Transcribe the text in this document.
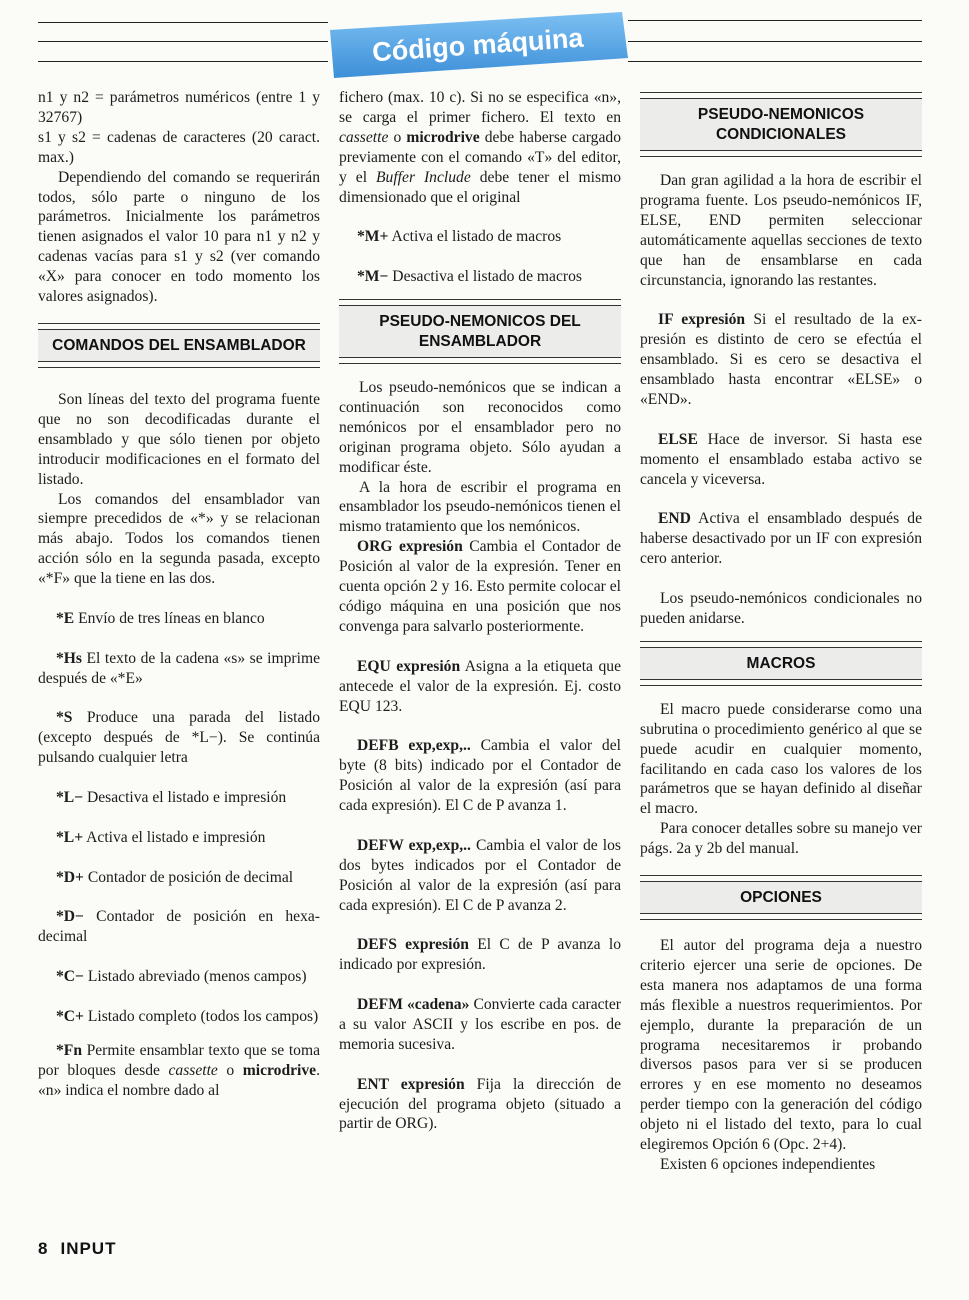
Código máquina

n1 y n2 = parámetros numéricos (entre 1 y 32767)

s1 y s2 = cadenas de caracteres (20 caract. max.)

Dependiendo del comando se requerirán todos, sólo parte o ninguno de los parámetros. Inicialmente los parámetros tienen asignados el valor 10 para n1 y n2 y cadenas vacías para s1 y s2 (ver comando «X» para conocer en todo momento los valores asignados).

COMANDOS DEL ENSAMBLADOR

Son líneas del texto del programa fuente que no son decodificadas durante el ensamblado y que sólo tienen por objeto introducir modificaciones en el formato del listado.

Los comandos del ensamblador van siempre precedidos de «*» y se relacionan más abajo. Todos los comandos tienen acción sólo en la segunda pasada, excepto «*F» que la tiene en las dos.

*E Envío de tres líneas en blanco

*Hs El texto de la cadena «s» se imprime después de «*E»

*S Produce una parada del listado (excepto después de *L−). Se continúa pulsando cualquier letra

*L− Desactiva el listado e impresión

*L+ Activa el listado e impresión

*D+ Contador de posición de decimal

*D− Contador de posición en hexadecimal

*C− Listado abreviado (menos campos)

*C+ Listado completo (todos los campos)

*Fn Permite ensamblar texto que se toma por bloques desde cassette o microdrive. «n» indica el nombre dado al

fichero (max. 10 c). Si no se especifica «n», se carga el primer fichero. El texto en cassette o microdrive debe haberse cargado previamente con el comando «T» del editor, y el Buffer Include debe tener el mismo dimensionado que el original

*M+ Activa el listado de macros

*M− Desactiva el listado de macros

PSEUDO-NEMONICOS DEL ENSAMBLADOR

Los pseudo-nemónicos que se indican a continuación son reconocidos como nemónicos por el ensamblador pero no originan programa objeto. Sólo ayudan a modificar éste.

A la hora de escribir el programa en ensamblador los pseudo-nemónicos tienen el mismo tratamiento que los nemónicos.

ORG expresión Cambia el Contador de Posición al valor de la expresión. Tener en cuenta opción 2 y 16. Esto permite colocar el código máquina en una posición que nos convenga para salvarlo posteriormente.

EQU expresión Asigna a la etiqueta que antecede el valor de la expresión. Ej. costo EQU 123.

DEFB exp,exp,.. Cambia el valor del byte (8 bits) indicado por el Contador de Posición al valor de la expresión (así para cada expresión). El C de P avanza 1.

DEFW exp,exp,.. Cambia el valor de los dos bytes indicados por el Contador de Posición al valor de la expresión (así para cada expresión). El C de P avanza 2.

DEFS expresión El C de P avanza lo indicado por expresión.

DEFM «cadena» Convierte cada caracter a su valor ASCII y los escribe en pos. de memoria sucesiva.

ENT expresión Fija la dirección de ejecución del programa objeto (situado a partir de ORG).

PSEUDO-NEMONICOS CONDICIONALES

Dan gran agilidad a la hora de escribir el programa fuente. Los pseudo-nemónicos IF, ELSE, END permiten seleccionar automáticamente aquellas secciones de texto que han de ensamblarse en cada circunstancia, ignorando las restantes.

IF expresión Si el resultado de la expresión es distinto de cero se efectúa el ensamblado. Si es cero se desactiva el ensamblado hasta encontrar «ELSE» o «END».

ELSE Hace de inversor. Si hasta ese momento el ensamblado estaba activo se cancela y viceversa.

END Activa el ensamblado después de haberse desactivado por un IF con expresión cero anterior.

Los pseudo-nemónicos condicionales no pueden anidarse.

MACROS

El macro puede considerarse como una subrutina o procedimiento genérico al que se puede acudir en cualquier momento, facilitando en cada caso los valores de los parámetros que se hayan definido al diseñar el macro.

Para conocer detalles sobre su manejo ver págs. 2a y 2b del manual.

OPCIONES

El autor del programa deja a nuestro criterio ejercer una serie de opciones. De esta manera nos adaptamos de una forma más flexible a nuestros requerimientos. Por ejemplo, durante la preparación de un programa necesitaremos ir probando diversos pasos para ver si se producen errores y en ese momento no deseamos perder tiempo con la generación del código objeto ni el listado del texto, para lo cual elegiremos Opción 6 (Opc. 2+4).

Existen 6 opciones independientes

8 INPUT
